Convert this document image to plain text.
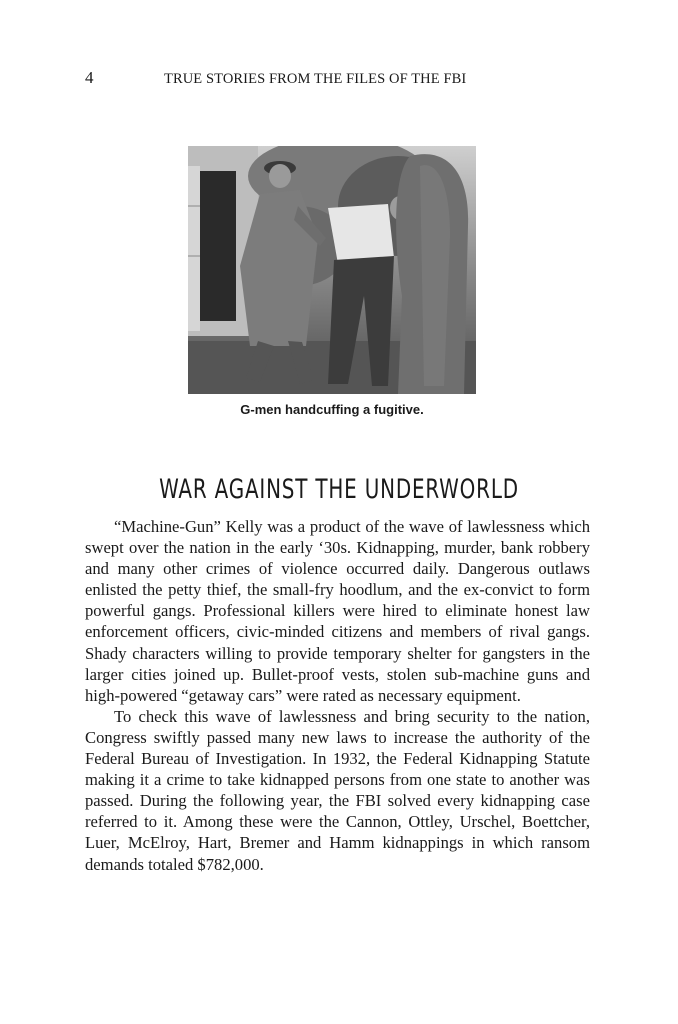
4	TRUE STORIES FROM THE FILES OF THE FBI
G-men handcuffing a fugitive.
WAR AGAINST THE UNDERWORLD

“Machine-Gun” Kelly was a product of the wave of lawlessness which swept over the nation in the early ‘30s. Kidnapping, murder, bank robbery and many other crimes of violence occurred daily. Dangerous outlaws enlisted the petty thief, the small-fry hoodlum, and the ex-convict to form powerful gangs. Professional killers were hired to eliminate honest law enforcement officers, civic-minded citizens and members of rival gangs. Shady characters willing to provide temporary shelter for gangsters in the larger cities joined up. Bullet-proof vests, stolen sub-machine guns and high-powered “getaway cars” were rated as necessary equipment.

To check this wave of lawlessness and bring security to the nation, Congress swiftly passed many new laws to increase the authority of the Federal Bureau of Investigation. In 1932, the Federal Kidnapping Statute making it a crime to take kidnapped persons from one state to another was passed. During the following year, the FBI solved every kidnapping case referred to it. Among these were the Cannon, Ottley, Urschel, Boettcher, Luer, McElroy, Hart, Bremer and Hamm kidnappings in which ransom demands totaled $782,000.
